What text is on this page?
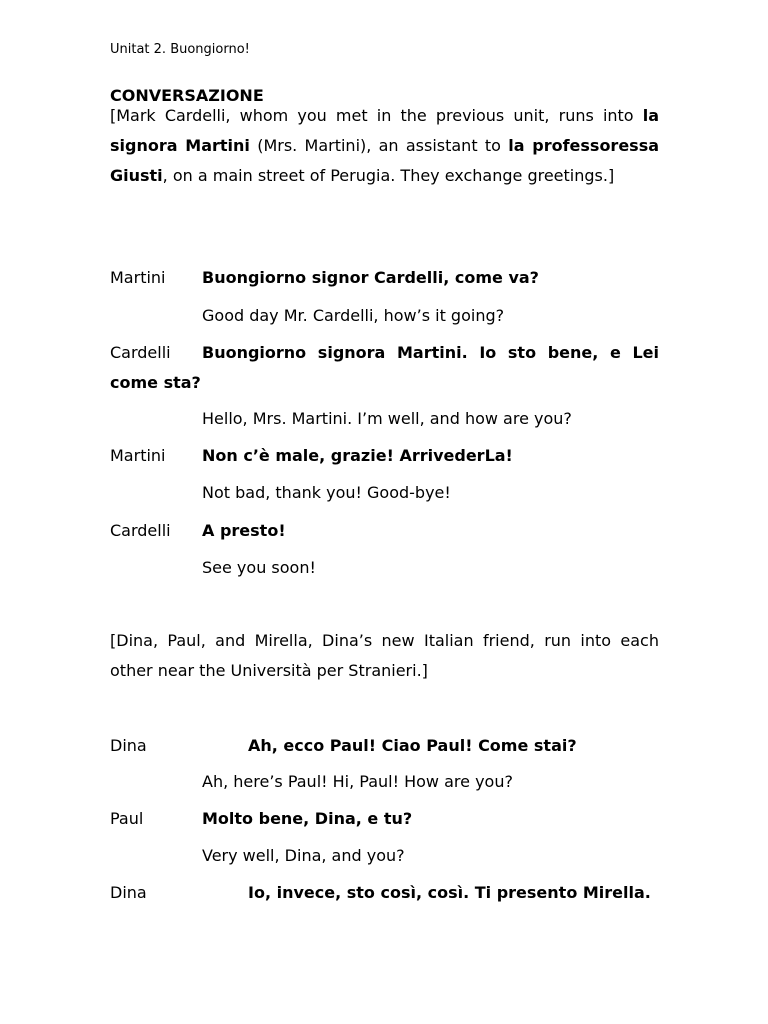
Unitat 2. Buongiorno!
CONVERSAZIONE
[Mark Cardelli, whom you met in the previous unit, runs into la signora Martini (Mrs. Martini), an assistant to la professoressa Giusti, on a main street of Perugia. They exchange greetings.]
Martini Buongiorno signor Cardelli, come va?
Good day Mr. Cardelli, how’s it going?
Cardelli Buongiorno signora Martini. Io sto bene, e Lei come sta?
Hello, Mrs. Martini. I’m well, and how are you?
Martini Non c’è male, grazie! ArrivederLa!
Not bad, thank you! Good-bye!
Cardelli A presto!
See you soon!
[Dina, Paul, and Mirella, Dina’s new Italian friend, run into each other near the Università per Stranieri.]
Dina	Ah, ecco Paul! Ciao Paul! Come stai?
Ah, here’s Paul! Hi, Paul! How are you?
Paul	Molto bene, Dina, e tu?
Very well, Dina, and you?
Dina	Io, invece, sto così, così. Ti presento Mirella.
